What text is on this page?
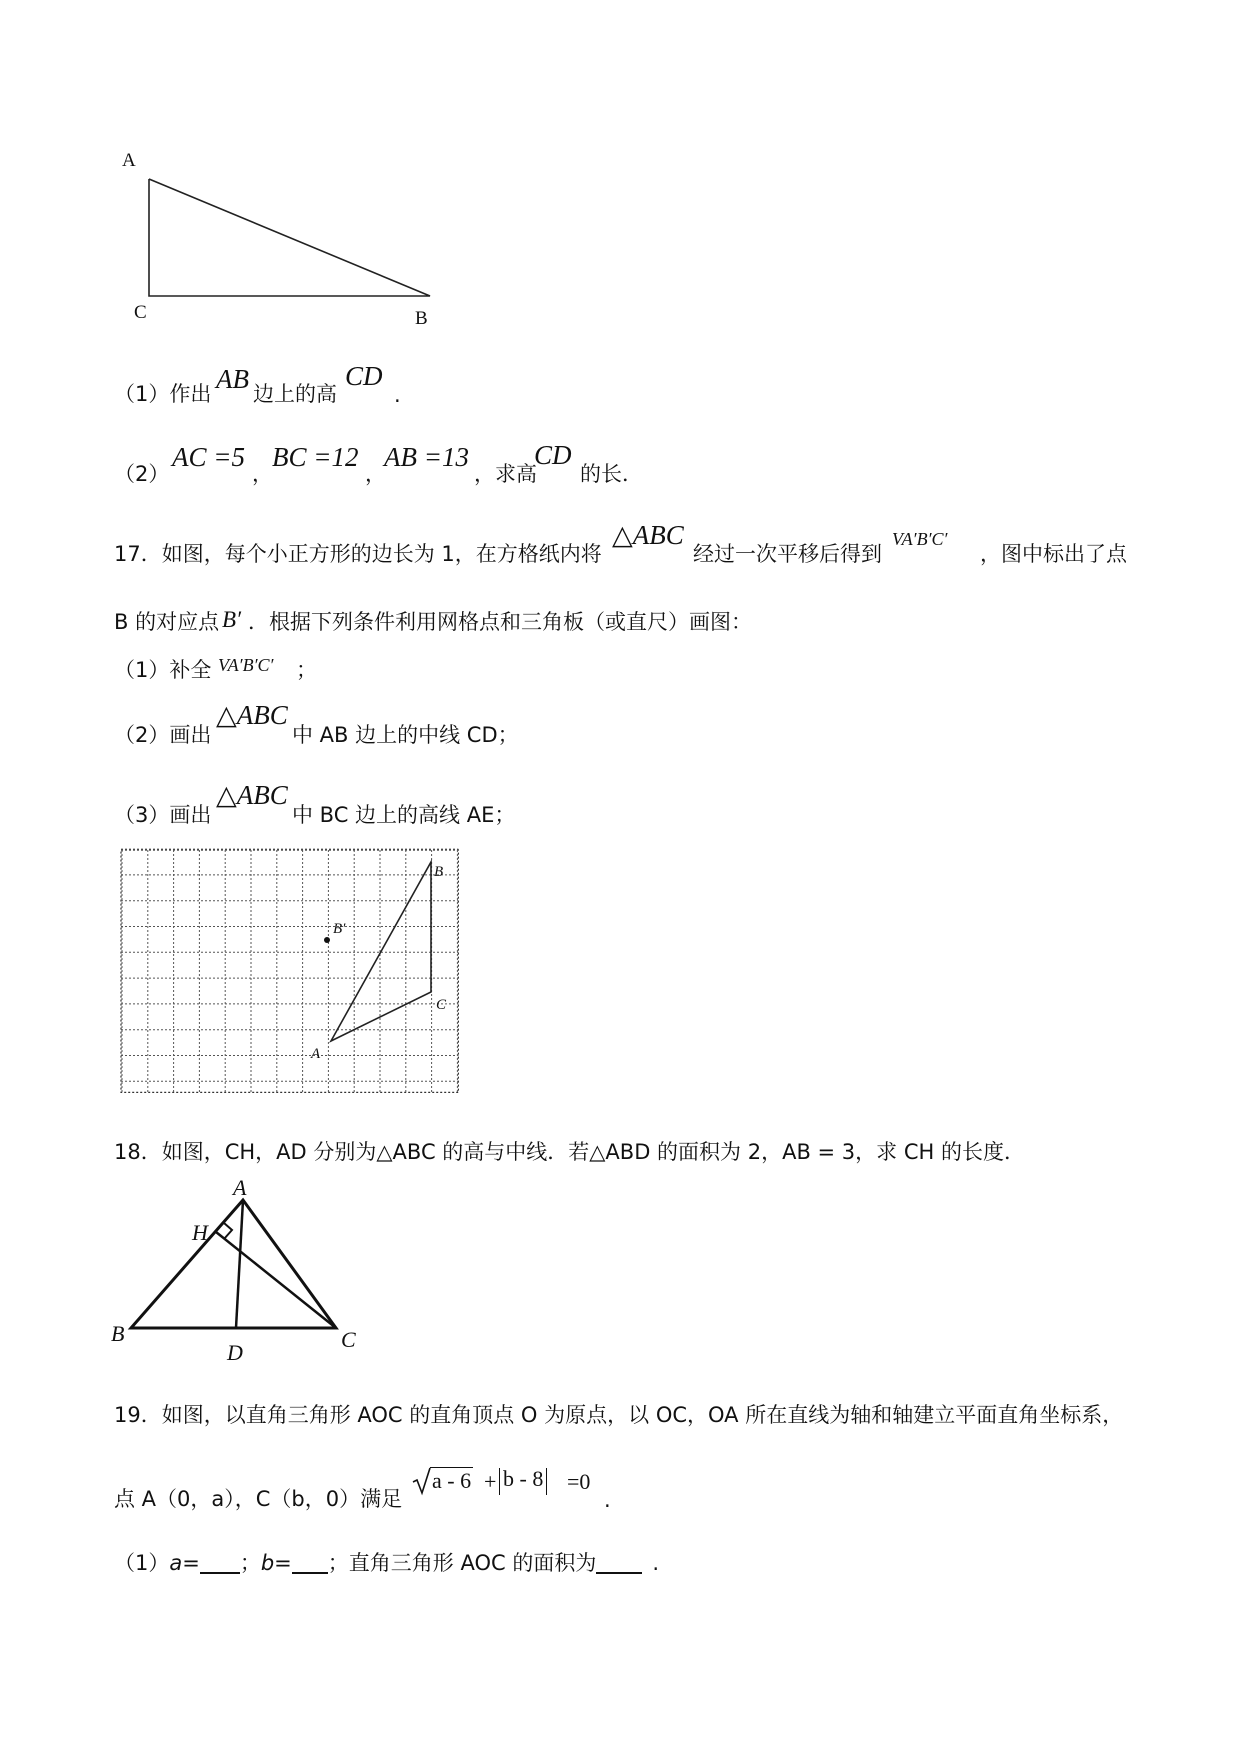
A
C	B
（1）作出 AB 边上的高
CD
.
（2）
AC =5
，
BC =12
，
AB =13
，求高
CD
的长．
17．如图，每个小正方形的边长为 1，在方格纸内将
△ABC
经过一次平移后得到
VA′B′C′
，图中标出了点
B 的对应点 B′ ．根据下列条件利用网格点和三角板（或直尺）画图：
（1）补全 VA′B′C′ ；
（2）画出
△ABC
中 AB 边上的中线 CD；
（3）画出
△ABC
中 BC 边上的高线 AE；
B
B′
C
A
18．如图，CH，AD 分别为△ABC 的高与中线．若△ABD 的面积为 2，AB = 3，求 CH 的长度．
A
H
B
D
C
19．如图，以直角三角形 AOC 的直角顶点 O 为原点，以 OC，OA 所在直线为轴和轴建立平面直角坐标系，
点 A（0，a），C（b，0）满足
a - 6 + b - 8 =0
.
（1）a= ；b= ；直角三角形 AOC 的面积为	.
